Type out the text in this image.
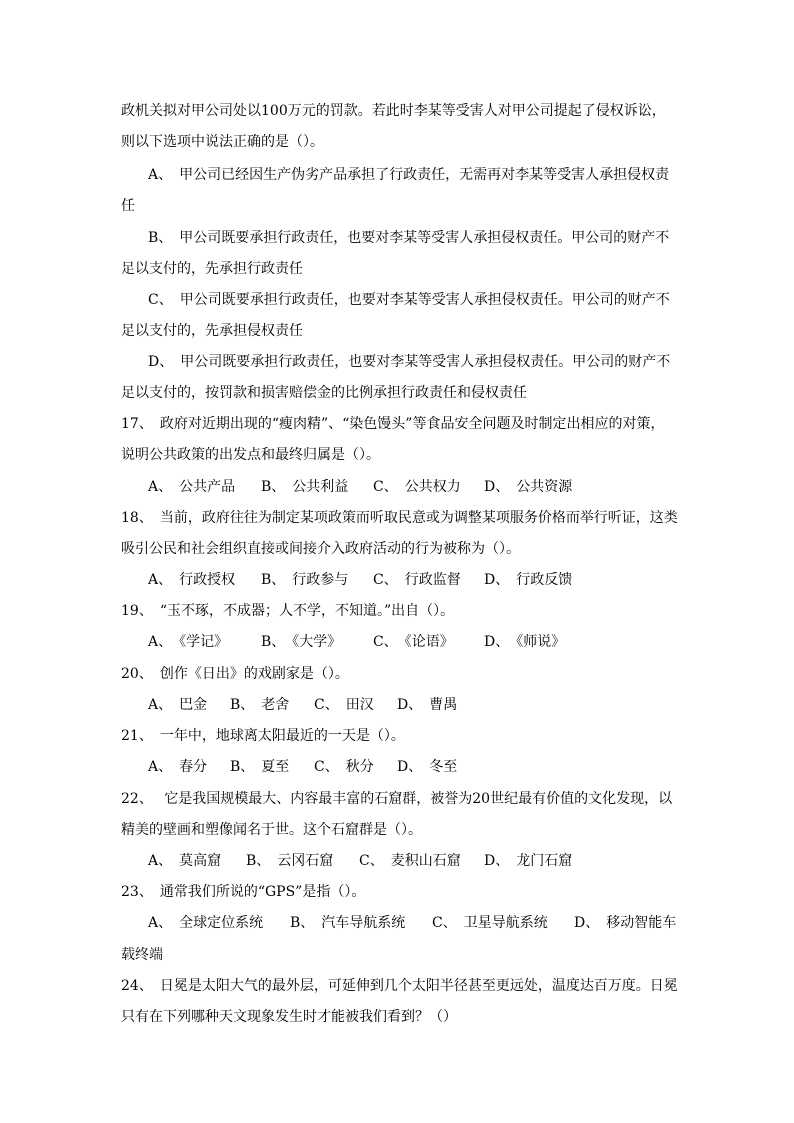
政机关拟对甲公司处以100万元的罚款。若此时李某等受害人对甲公司提起了侵权诉讼，
则以下选项中说法正确的是（）。
A、　甲公司已经因生产伪劣产品承担了行政责任，无需再对李某等受害人承担侵权责
任
B、　甲公司既要承担行政责任，也要对李某等受害人承担侵权责任。甲公司的财产不
足以支付的，先承担行政责任
C、　甲公司既要承担行政责任，也要对李某等受害人承担侵权责任。甲公司的财产不
足以支付的，先承担侵权责任
D、　甲公司既要承担行政责任，也要对李某等受害人承担侵权责任。甲公司的财产不
足以支付的，按罚款和损害赔偿金的比例承担行政责任和侵权责任
17、　政府对近期出现的“瘦肉精”、“染色馒头”等食品安全问题及时制定出相应的对策，
说明公共政策的出发点和最终归属是（）。
A、　公共产品 B、　公共利益 C、　公共权力 D、　公共资源
18、　当前，政府往往为制定某项政策而听取民意或为调整某项服务价格而举行听证，这类
吸引公民和社会组织直接或间接介入政府活动的行为被称为（）。
A、　行政授权 B、　行政参与 C、　行政监督 D、　行政反馈
19、　“玉不琢，不成器；人不学，不知道。”出自（）。
A、　《学记》 B、　《大学》 C、　《论语》 D、　《师说》
20、　创作《日出》的戏剧家是（）。
A、　巴金 B、　老舍 C、　田汉 D、　曹禺
21、　一年中，地球离太阳最近的一天是（）。
A、　春分 B、　夏至 C、　秋分 D、　冬至
22、　 它是我国规模最大、内容最丰富的石窟群，被誉为20世纪最有价值的文化发现，以
精美的壁画和塑像闻名于世。这个石窟群是（）。
A、　莫高窟 B、　云冈石窟 C、　麦积山石窟 D、　龙门石窟
23、　通常我们所说的“GPS”是指（）。
A、　全球定位系统 B、　汽车导航系统 C、　卫星导航系统 D、　移动智能车
载终端
24、　日冕是太阳大气的最外层，可延伸到几个太阳半径甚至更远处，温度达百万度。日冕
只有在下列哪种天文现象发生时才能被我们看到？（）
